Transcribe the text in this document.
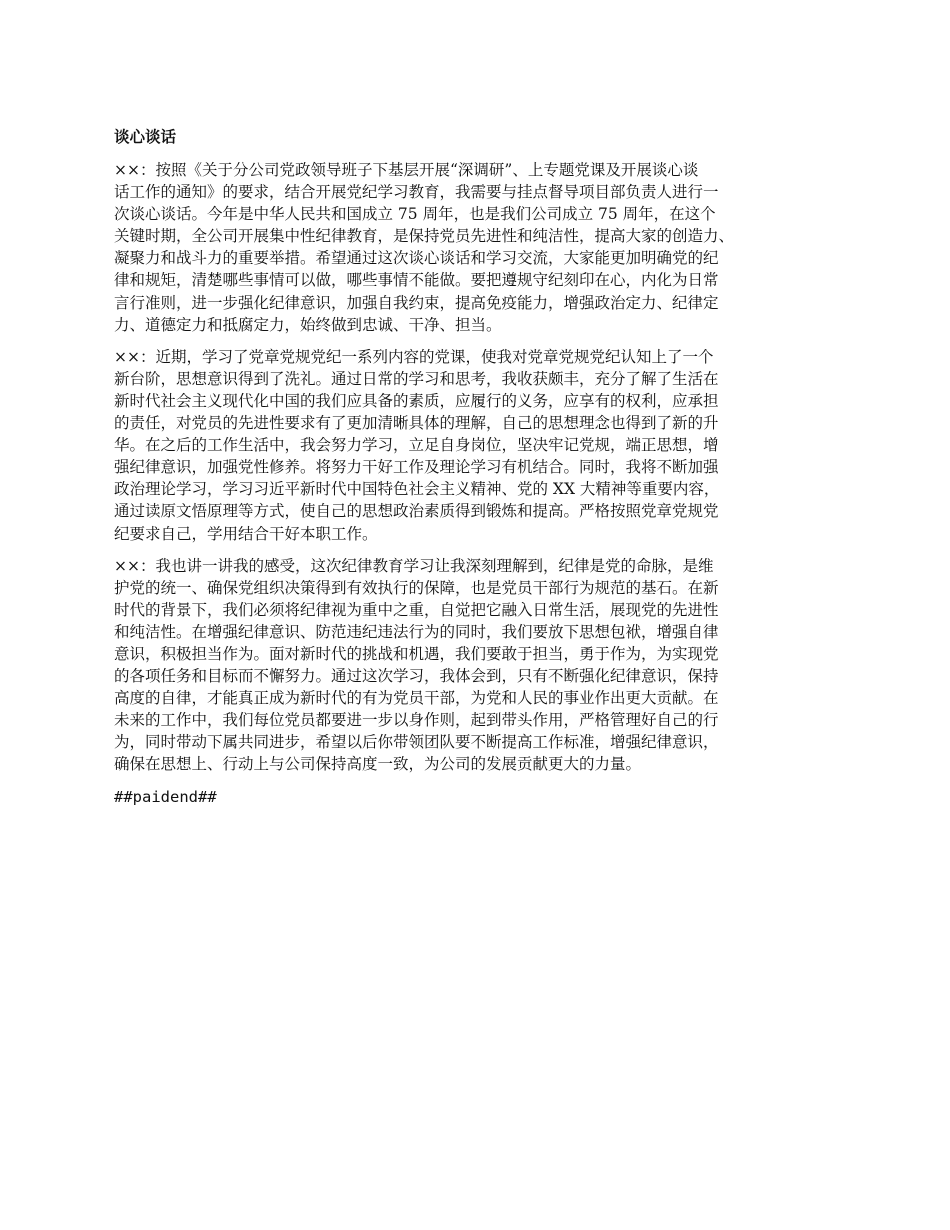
谈心谈话
××：按照《关于分公司党政领导班子下基层开展“深调研”、上专题党课及开展谈心谈
话工作的通知》的要求，结合开展党纪学习教育，我需要与挂点督导项目部负责人进行一
次谈心谈话。今年是中华人民共和国成立 75 周年，也是我们公司成立 75 周年，在这个
关键时期，全公司开展集中性纪律教育，是保持党员先进性和纯洁性，提高大家的创造力、
凝聚力和战斗力的重要举措。希望通过这次谈心谈话和学习交流，大家能更加明确党的纪
律和规矩，清楚哪些事情可以做，哪些事情不能做。要把遵规守纪刻印在心，内化为日常
言行准则，进一步强化纪律意识，加强自我约束，提高免疫能力，增强政治定力、纪律定
力、道德定力和抵腐定力，始终做到忠诚、干净、担当。
××：近期，学习了党章党规党纪一系列内容的党课，使我对党章党规党纪认知上了一个
新台阶，思想意识得到了洗礼。通过日常的学习和思考，我收获颇丰，充分了解了生活在
新时代社会主义现代化中国的我们应具备的素质，应履行的义务，应享有的权利，应承担
的责任，对党员的先进性要求有了更加清晰具体的理解，自己的思想理念也得到了新的升
华。在之后的工作生活中，我会努力学习，立足自身岗位，坚决牢记党规，端正思想，增
强纪律意识，加强党性修养。将努力干好工作及理论学习有机结合。同时，我将不断加强
政治理论学习，学习习近平新时代中国特色社会主义精神、党的 XX 大精神等重要内容，
通过读原文悟原理等方式，使自己的思想政治素质得到锻炼和提高。严格按照党章党规党
纪要求自己，学用结合干好本职工作。
××：我也讲一讲我的感受，这次纪律教育学习让我深刻理解到，纪律是党的命脉，是维
护党的统一、确保党组织决策得到有效执行的保障，也是党员干部行为规范的基石。在新
时代的背景下，我们必须将纪律视为重中之重，自觉把它融入日常生活，展现党的先进性
和纯洁性。在增强纪律意识、防范违纪违法行为的同时，我们要放下思想包袱，增强自律
意识，积极担当作为。面对新时代的挑战和机遇，我们要敢于担当，勇于作为，为实现党
的各项任务和目标而不懈努力。通过这次学习，我体会到，只有不断强化纪律意识，保持
高度的自律，才能真正成为新时代的有为党员干部，为党和人民的事业作出更大贡献。在
未来的工作中，我们每位党员都要进一步以身作则，起到带头作用，严格管理好自己的行
为，同时带动下属共同进步，希望以后你带领团队要不断提高工作标准，增强纪律意识，
确保在思想上、行动上与公司保持高度一致，为公司的发展贡献更大的力量。
##paidend##
